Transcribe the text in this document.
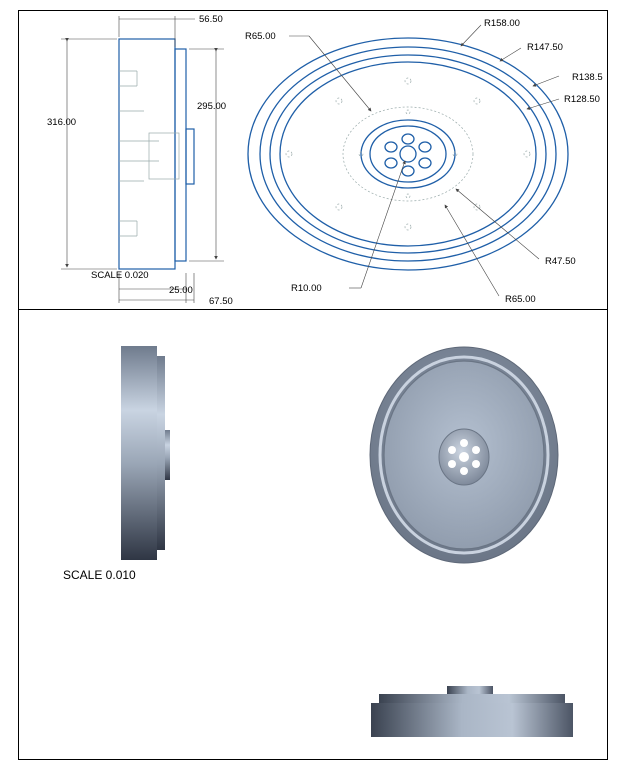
56.50
316.00
295.00
SCALE 0.020
25.00
67.50
R158.00
R147.50
R138.5
R128.50
R65.00
R47.50
R10.00
R65.00
SCALE 0.010
